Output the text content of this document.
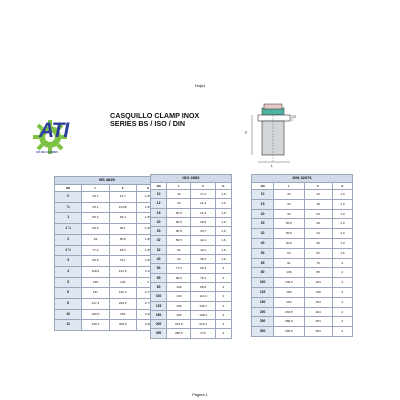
Hoja1
ATI
ATI SOLUCIONES
CASQUILLO CLAMP INOX
SERIES BS / ISO / DIN
F
L
G
BS 4825			
DN	L	F	G
½	25,1	12,7	1,65
¾	25,1	19,05	1,65
1	50,4	25,4	1,65
1 ¼	50,4	38,1	1,65
2	64	50,8	1,65
2 ½	77,4	63,5	1,65
3	90,9	76,1	1,65
4	118,9	101,6	2,11
5	155	129	2
6	167	152,4	2,77
8	217,4	203,2	2,77
10	268,5	254	3,40
12	319,3	309,6	3,40
ISO 2852			
DN	L	F	G
10	34	17,2	1,0
12	34	21,3	1,0
15	50,5	21,3	1,0
20	50,5	26,9	1,0
25	50,5	33,7	1,0
32	50,5	42,4	1,6
32	64	42,4	1,6
40	64	48,3	1,6
50	77,5	60,3	2
65	90,9	76,1	2
80	106	88,9	2
100	130	114,3	2
125	155	139,7	2
150	183	168,3	2
200	233,5	219,1	2
250	286,5	273	2
DIN 32676			
DN	L	F	G
10	34	12	1,0
15	34	18	1,0
20	34	22	1,0
25	50,5	28	1,0
32	50,5	34	1,0
40	50,5	40	1,0
50	64	52	1,6
65	91	70	2
80	106	85	2
100	130,5	104	2
125	155	129	2
150	183	154	2
200	233,5	204	2
250	286,5	254	2
300	339,5	304	2
Página 1
